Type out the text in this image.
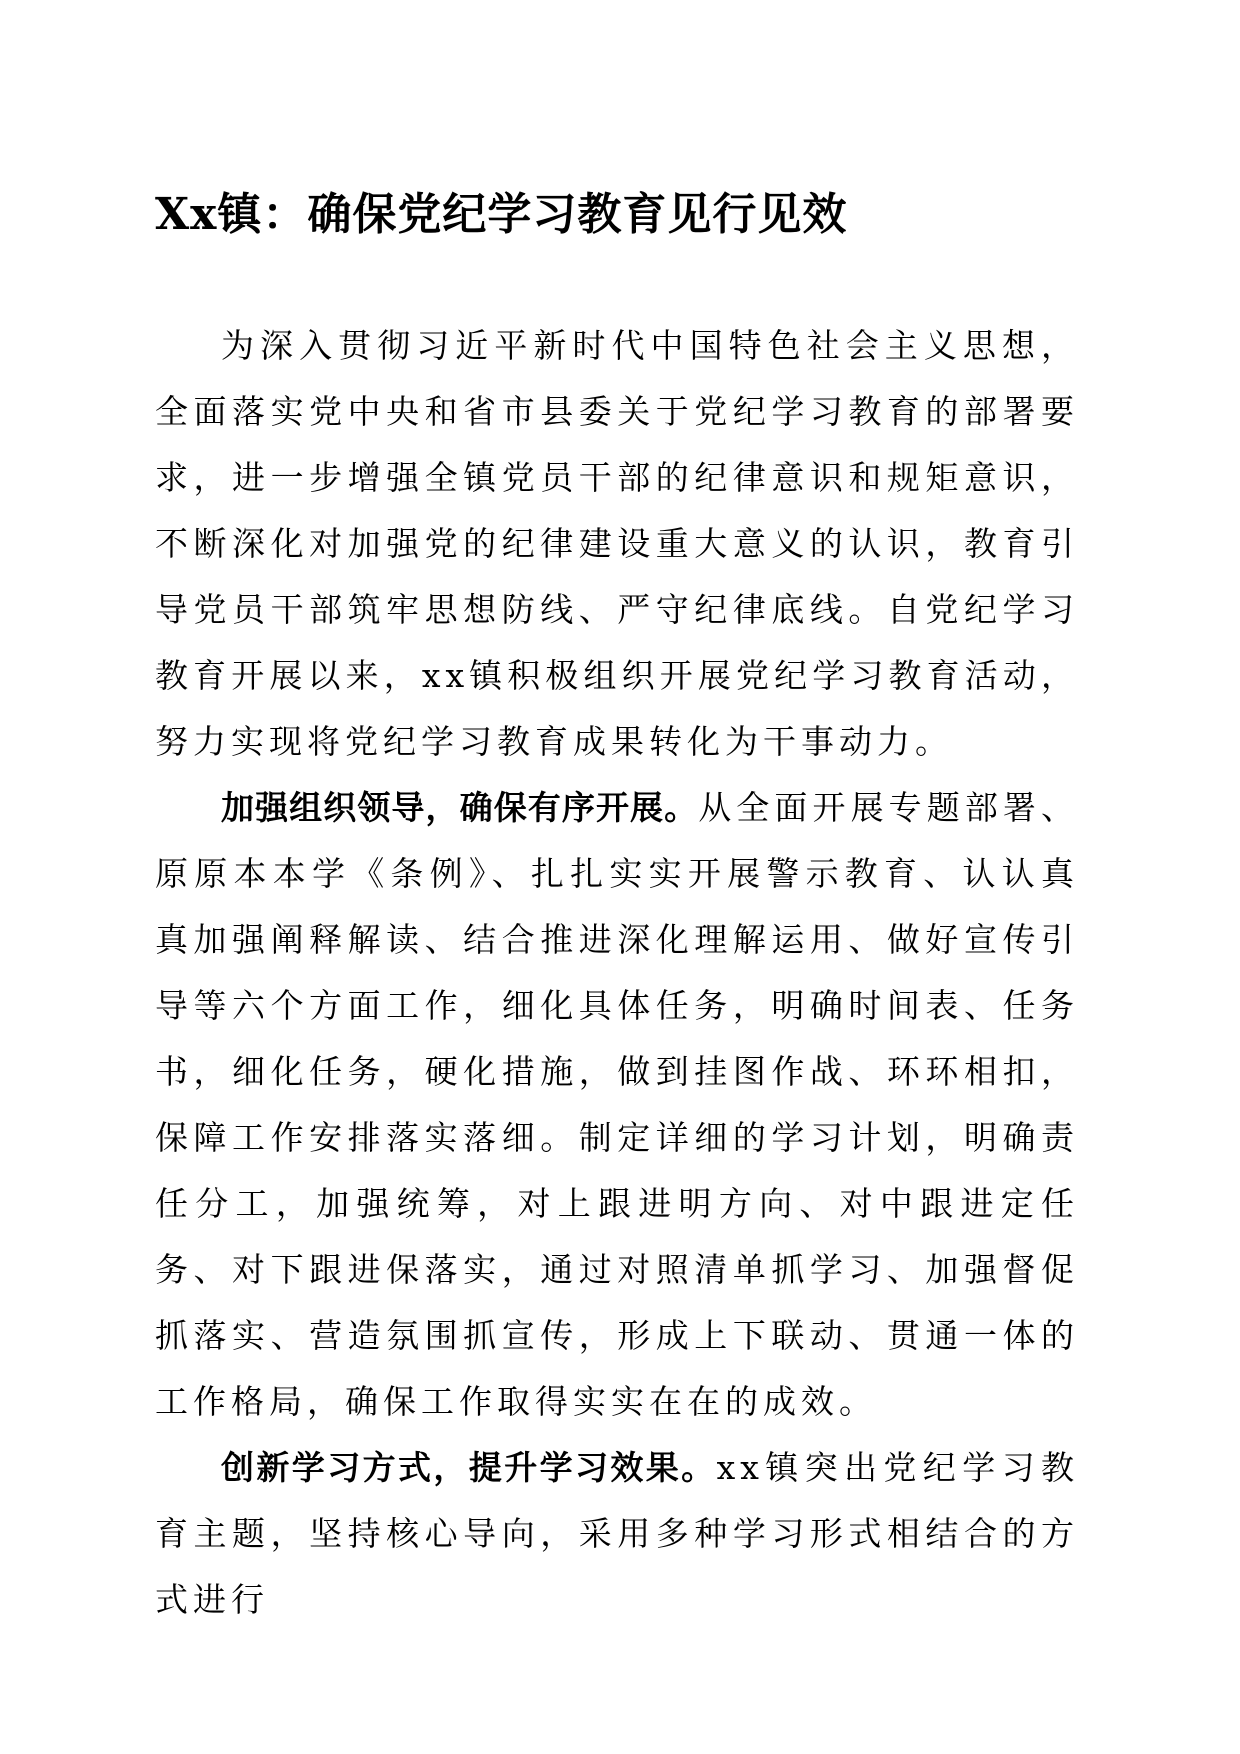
Xx镇：确保党纪学习教育见行见效

为深入贯彻习近平新时代中国特色社会主义思想，全面落实党中央和省市县委关于党纪学习教育的部署要求，进一步增强全镇党员干部的纪律意识和规矩意识，不断深化对加强党的纪律建设重大意义的认识，教育引导党员干部筑牢思想防线、严守纪律底线。自党纪学习教育开展以来，xx镇积极组织开展党纪学习教育活动，努力实现将党纪学习教育成果转化为干事动力。

加强组织领导，确保有序开展。从全面开展专题部署、原原本本学《条例》、扎扎实实开展警示教育、认认真真加强阐释解读、结合推进深化理解运用、做好宣传引导等六个方面工作，细化具体任务，明确时间表、任务书，细化任务，硬化措施，做到挂图作战、环环相扣，保障工作安排落实落细。制定详细的学习计划，明确责任分工，加强统筹，对上跟进明方向、对中跟进定任务、对下跟进保落实，通过对照清单抓学习、加强督促抓落实、营造氛围抓宣传，形成上下联动、贯通一体的工作格局，确保工作取得实实在在的成效。

创新学习方式，提升学习效果。xx镇突出党纪学习教育主题，坚持核心导向，采用多种学习形式相结合的方式进行
